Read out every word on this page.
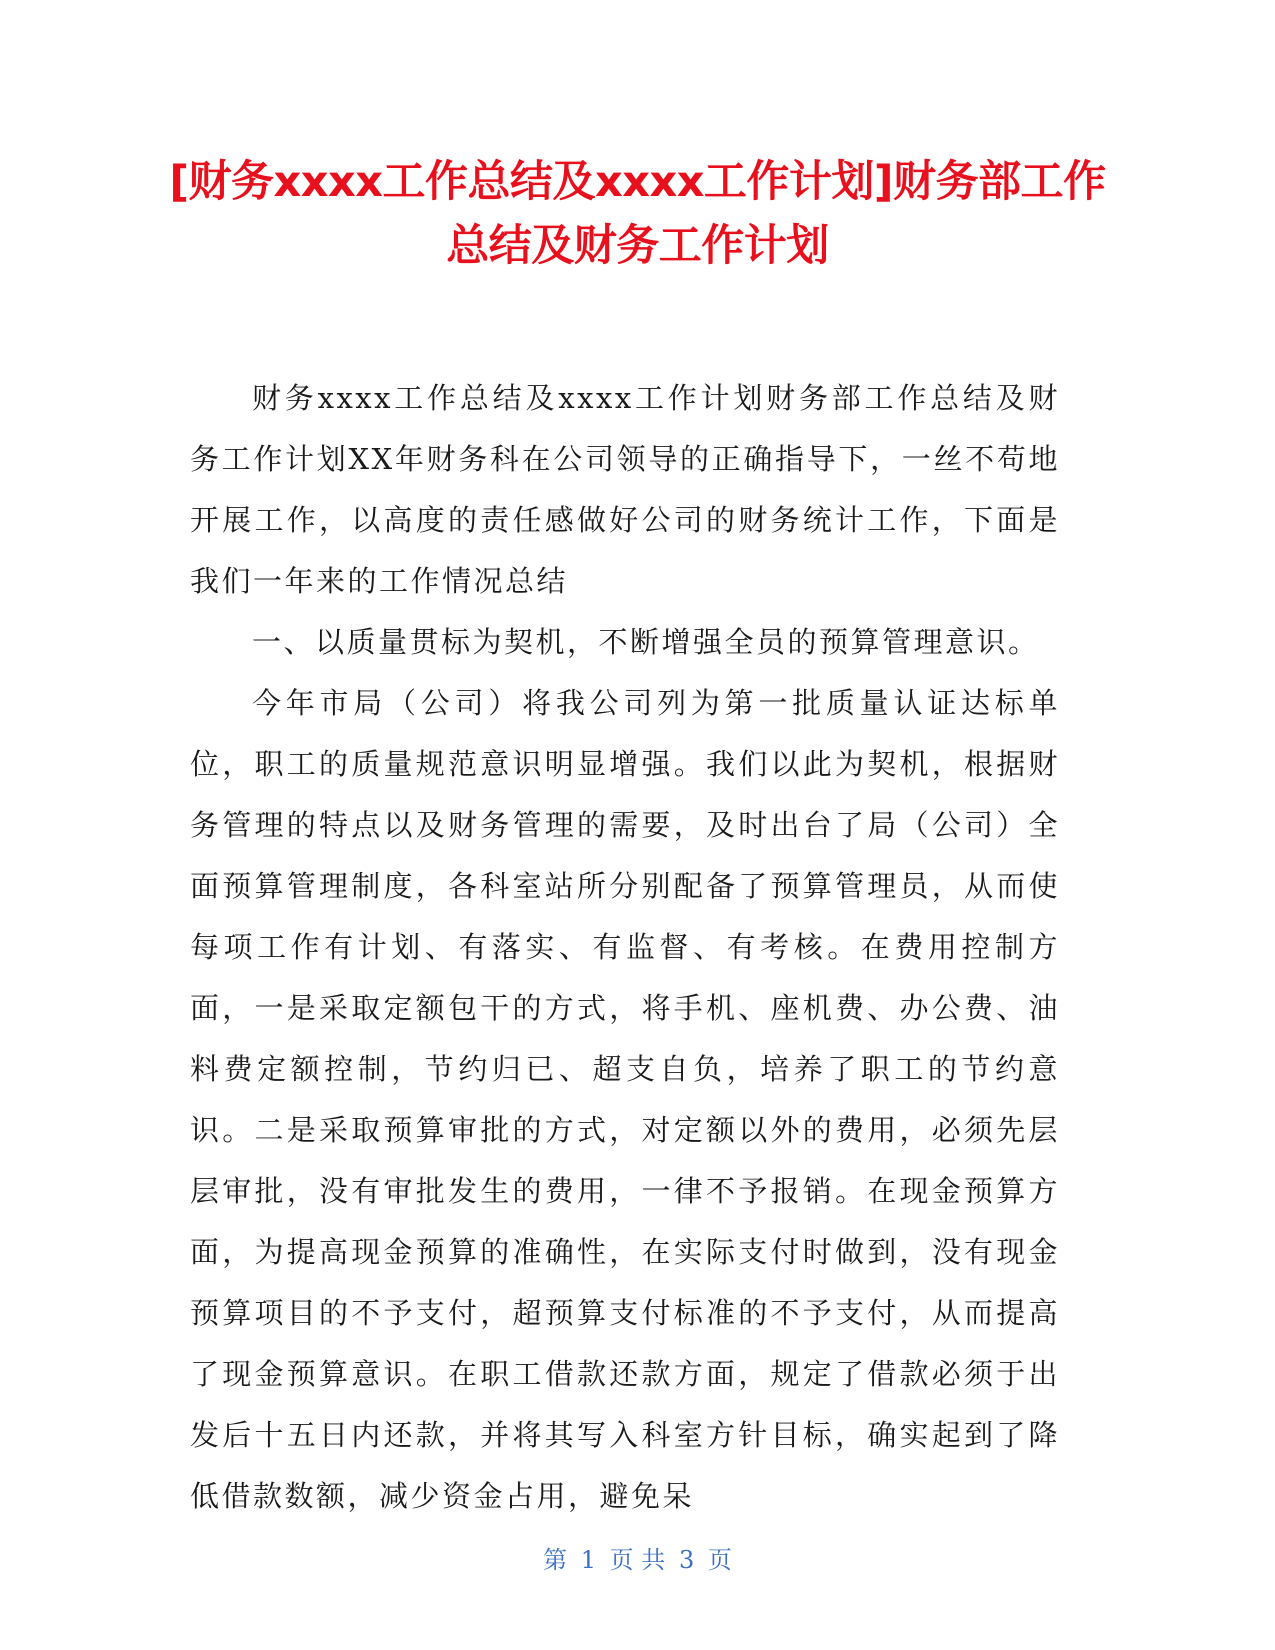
[财务xxxx工作总结及xxxx工作计划]财务部工作总结及财务工作计划

财务xxxx工作总结及xxxx工作计划财务部工作总结及财务工作计划XX年财务科在公司领导的正确指导下，一丝不苟地开展工作，以高度的责任感做好公司的财务统计工作，下面是我们一年来的工作情况总结

一、以质量贯标为契机，不断增强全员的预算管理意识。

今年市局（公司）将我公司列为第一批质量认证达标单位，职工的质量规范意识明显增强。我们以此为契机，根据财务管理的特点以及财务管理的需要，及时出台了局（公司）全面预算管理制度，各科室站所分别配备了预算管理员，从而使每项工作有计划、有落实、有监督、有考核。在费用控制方面，一是采取定额包干的方式，将手机、座机费、办公费、油料费定额控制，节约归已、超支自负，培养了职工的节约意识。二是采取预算审批的方式，对定额以外的费用，必须先层层审批，没有审批发生的费用，一律不予报销。在现金预算方面，为提高现金预算的准确性，在实际支付时做到，没有现金预算项目的不予支付，超预算支付标准的不予支付，从而提高了现金预算意识。在职工借款还款方面，规定了借款必须于出发后十五日内还款，并将其写入科室方针目标，确实起到了降低借款数额，减少资金占用，避免呆

第 1 页 共 3 页
